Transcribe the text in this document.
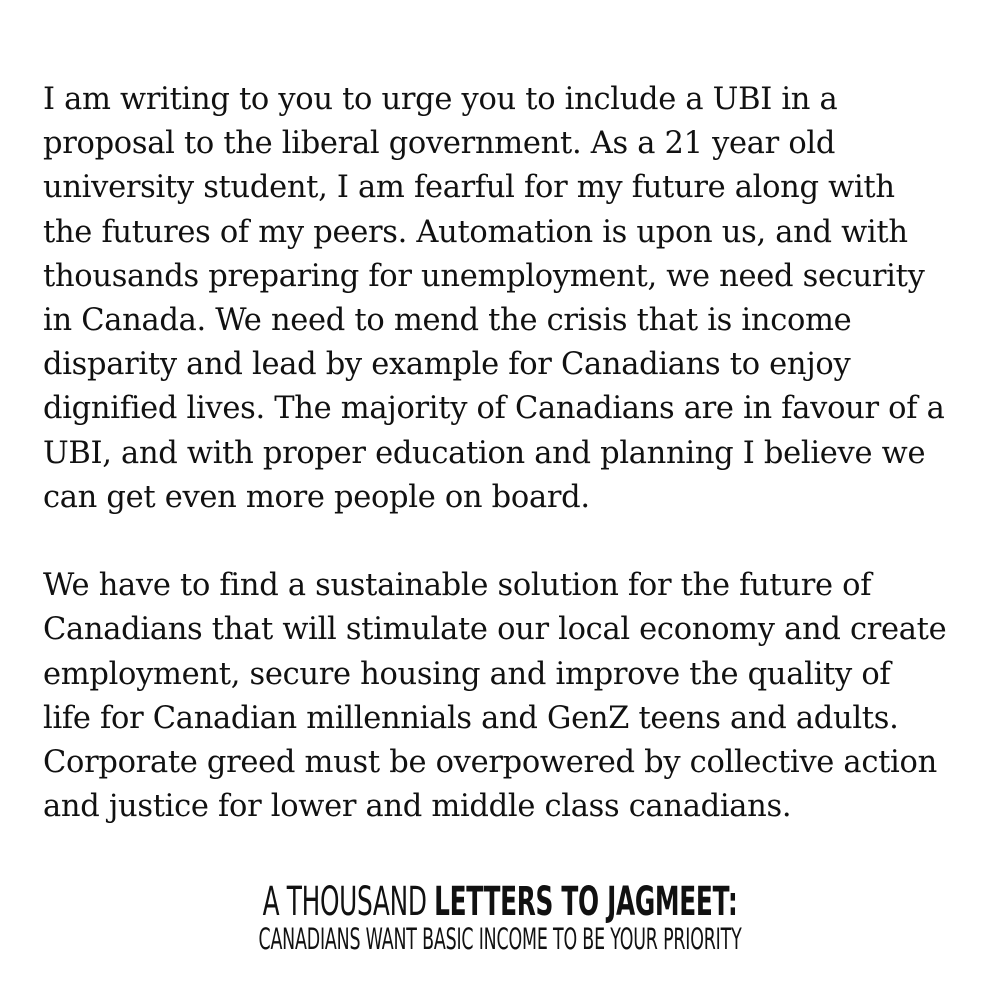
I am writing to you to urge you to include a UBI in a
proposal to the liberal government. As a 21 year old
university student, I am fearful for my future along with
the futures of my peers. Automation is upon us, and with
thousands preparing for unemployment, we need security
in Canada. We need to mend the crisis that is income
disparity and lead by example for Canadians to enjoy
dignified lives. The majority of Canadians are in favour of a
UBI, and with proper education and planning I believe we
can get even more people on board.
We have to find a sustainable solution for the future of
Canadians that will stimulate our local economy and create
employment, secure housing and improve the quality of
life for Canadian millennials and GenZ teens and adults.
Corporate greed must be overpowered by collective action
and justice for lower and middle class canadians.
A THOUSAND LETTERS TO JAGMEET:
CANADIANS WANT BASIC INCOME TO BE YOUR PRIORITY
